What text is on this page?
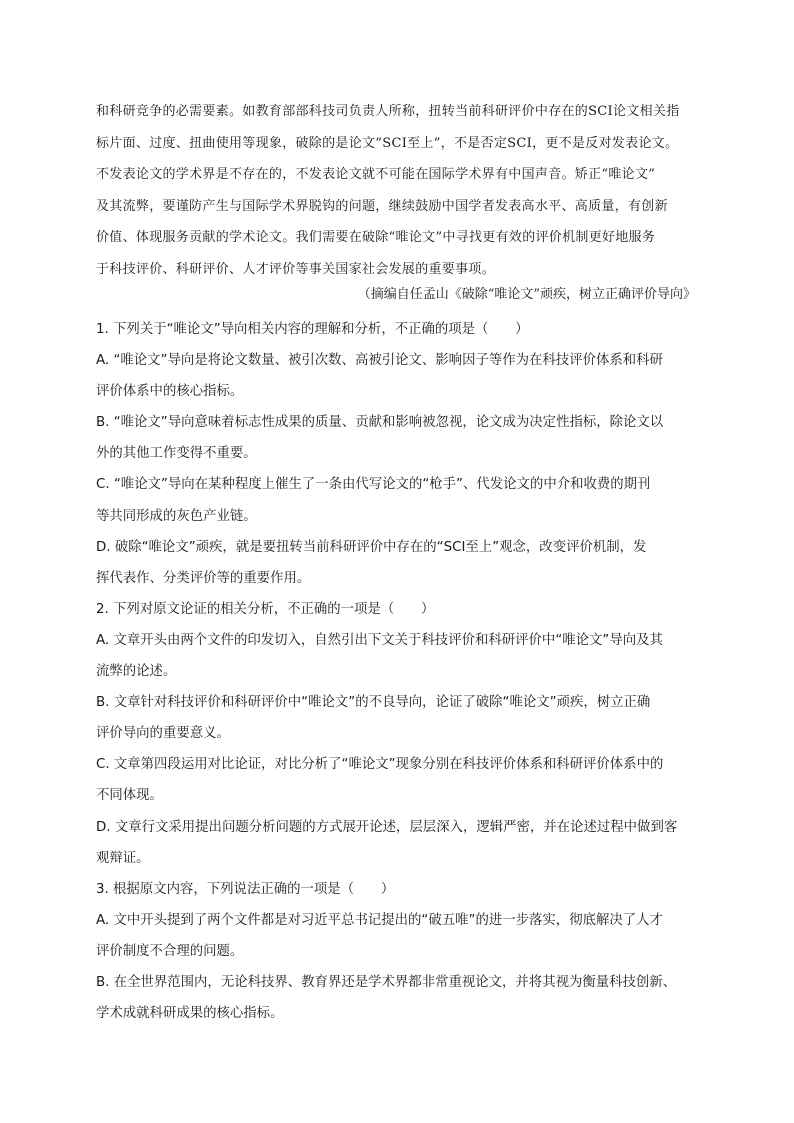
和科研竞争的必需要素。如教育部部科技司负责人所称，扭转当前科研评价中存在的SCI论文相关指
标片面、过度、扭曲使用等现象，破除的是论文“SCI至上”，不是否定SCI，更不是反对发表论文。
不发表论文的学术界是不存在的，不发表论文就不可能在国际学术界有中国声音。矫正“唯论文”
及其流弊，要谨防产生与国际学术界脱钩的问题，继续鼓励中国学者发表高水平、高质量，有创新
价值、体现服务贡献的学术论文。我们需要在破除“唯论文”中寻找更有效的评价机制更好地服务
于科技评价、科研评价、人才评价等事关国家社会发展的重要事项。
（摘编自任孟山《破除“唯论文”顽疾，树立正确评价导向》
1. 下列关于“唯论文”导向相关内容的理解和分析，不正确的项是（　　）
A. “唯论文”导向是将论文数量、被引次数、高被引论文、影响因子等作为在科技评价体系和科研
评价体系中的核心指标。
B. “唯论文”导向意味着标志性成果的质量、贡献和影响被忽视，论文成为决定性指标，除论文以
外的其他工作变得不重要。
C. “唯论文”导向在某种程度上催生了一条由代写论文的“枪手”、代发论文的中介和收费的期刊
等共同形成的灰色产业链。
D. 破除“唯论文”顽疾，就是要扭转当前科研评价中存在的“SCI至上”观念，改变评价机制，发
挥代表作、分类评价等的重要作用。
2. 下列对原文论证的相关分析，不正确的一项是（　　）
A. 文章开头由两个文件的印发切入，自然引出下文关于科技评价和科研评价中“唯论文”导向及其
流弊的论述。
B. 文章针对科技评价和科研评价中“唯论文”的不良导向，论证了破除“唯论文”顽疾，树立正确
评价导向的重要意义。
C. 文章第四段运用对比论证，对比分析了“唯论文”现象分别在科技评价体系和科研评价体系中的
不同体现。
D. 文章行文采用提出问题分析问题的方式展开论述，层层深入，逻辑严密，并在论述过程中做到客
观辩证。
3. 根据原文内容，下列说法正确的一项是（　　）
A. 文中开头提到了两个文件都是对习近平总书记提出的“破五唯”的进一步落实，彻底解决了人才
评价制度不合理的问题。
B. 在全世界范围内，无论科技界、教育界还是学术界都非常重视论文，并将其视为衡量科技创新、
学术成就科研成果的核心指标。
